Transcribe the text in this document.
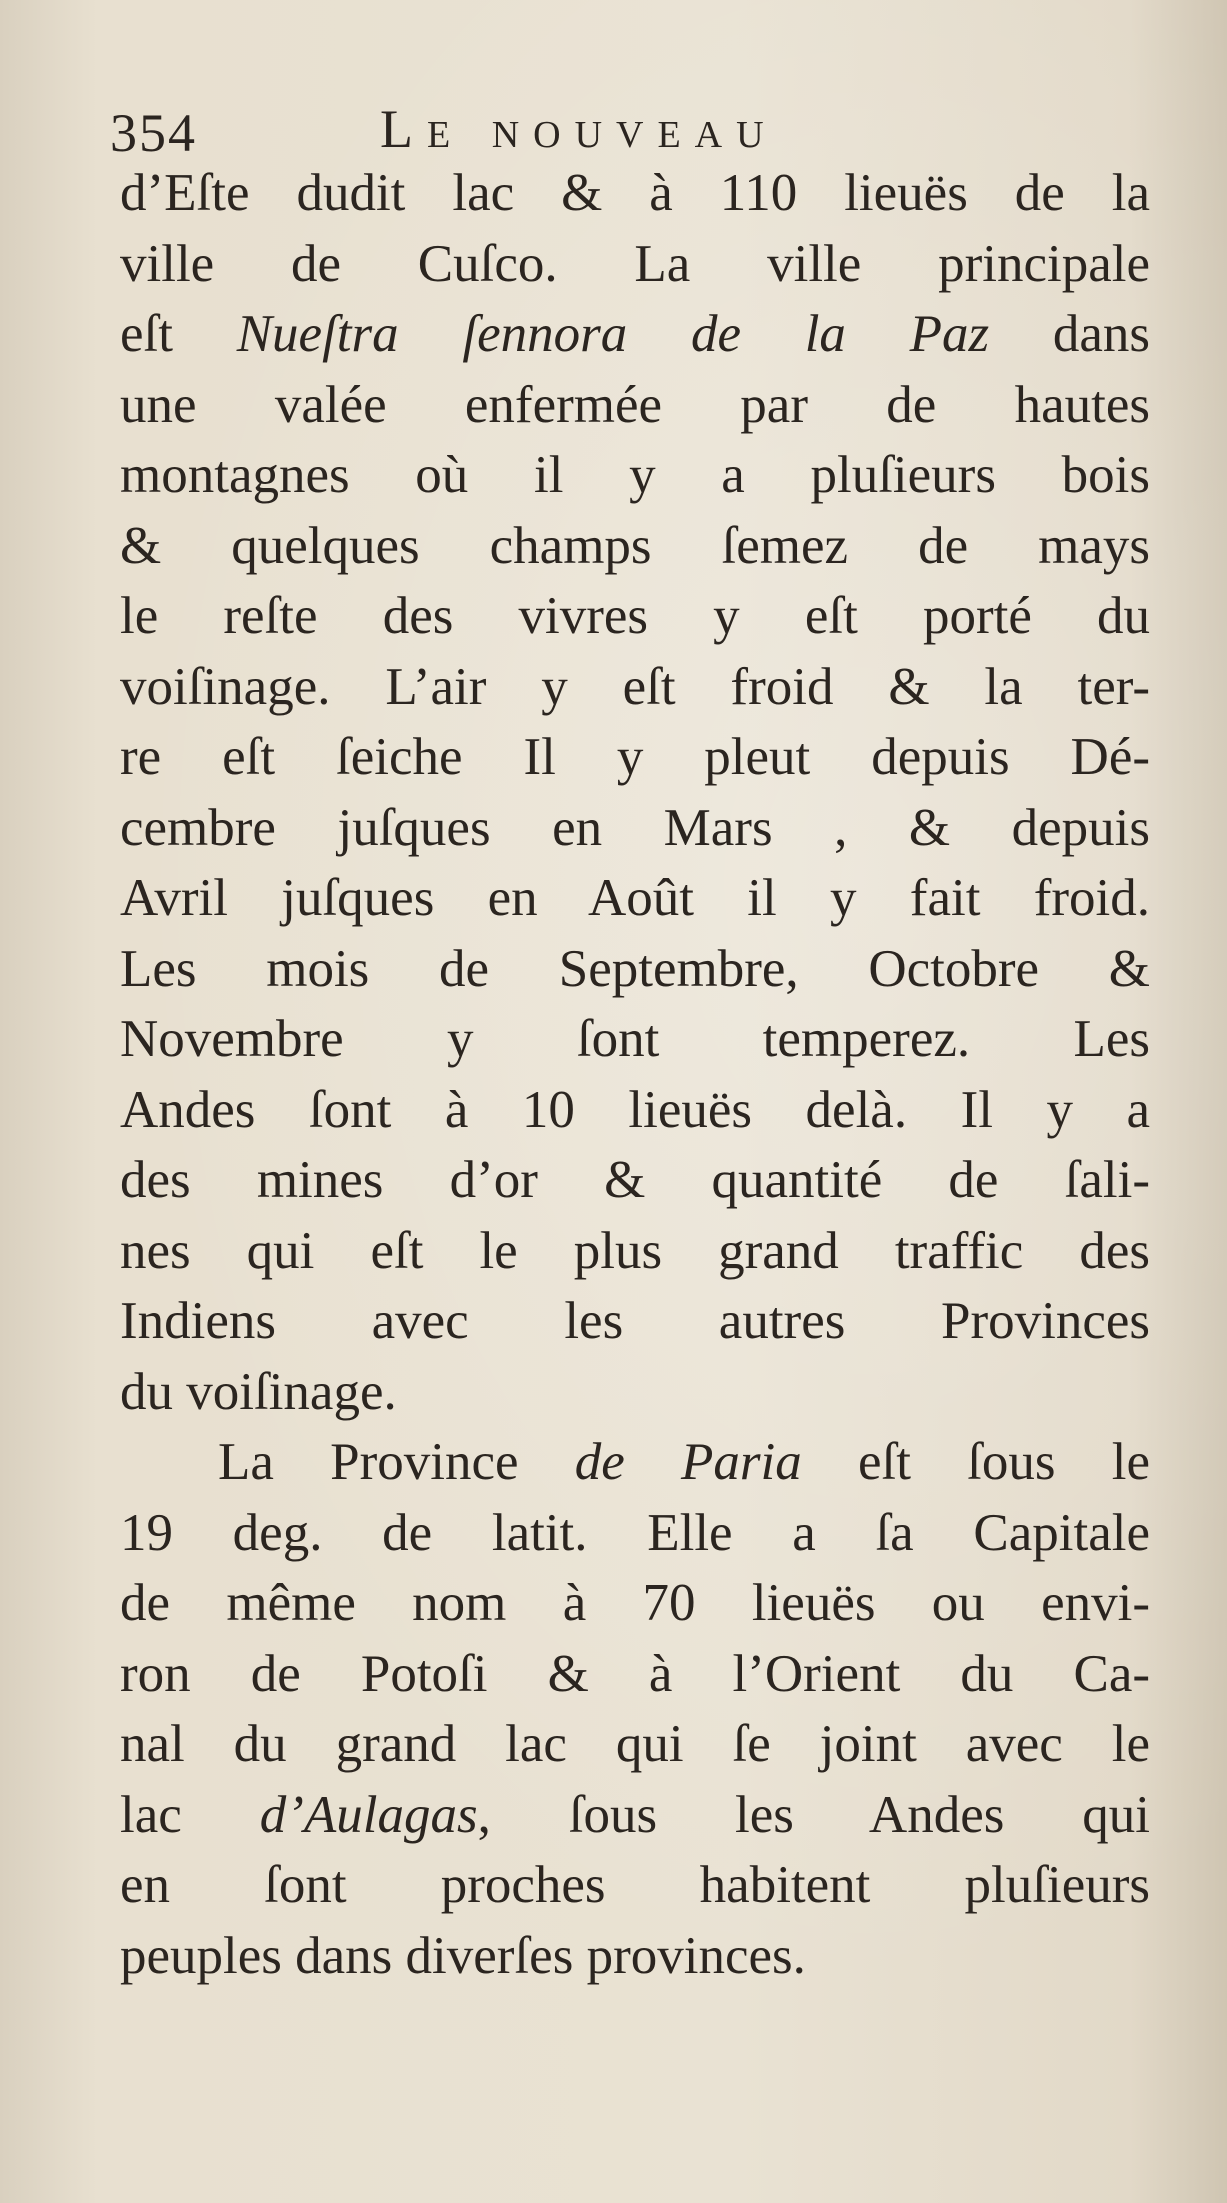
354	Le nouveau
d’Eſte dudit lac & à 110 lieuës de la
ville de Cuſco. La ville principale
eſt Nueſtra ſennora de la Paz dans
une valée enfermée par de hautes
montagnes où il y a pluſieurs bois
& quelques champs ſemez de mays
le reſte des vivres y eſt porté du
voiſinage. L’air y eſt froid & la ter-
re eſt ſeiche Il y pleut depuis Dé-
cembre juſques en Mars , & depuis
Avril juſques en Août il y fait froid.
Les mois de Septembre, Octobre &
Novembre y ſont temperez. Les
Andes ſont à 10 lieuës delà. Il y a
des mines d’or & quantité de ſali-
nes qui eſt le plus grand traffic des
Indiens avec les autres Provinces
du voiſinage.
La Province de Paria eſt ſous le
19 deg. de latit. Elle a ſa Capitale
de même nom à 70 lieuës ou envi-
ron de Potoſi & à l’Orient du Ca-
nal du grand lac qui ſe joint avec le
lac d’Aulagas, ſous les Andes qui
en ſont proches habitent pluſieurs
peuples dans diverſes provinces.
